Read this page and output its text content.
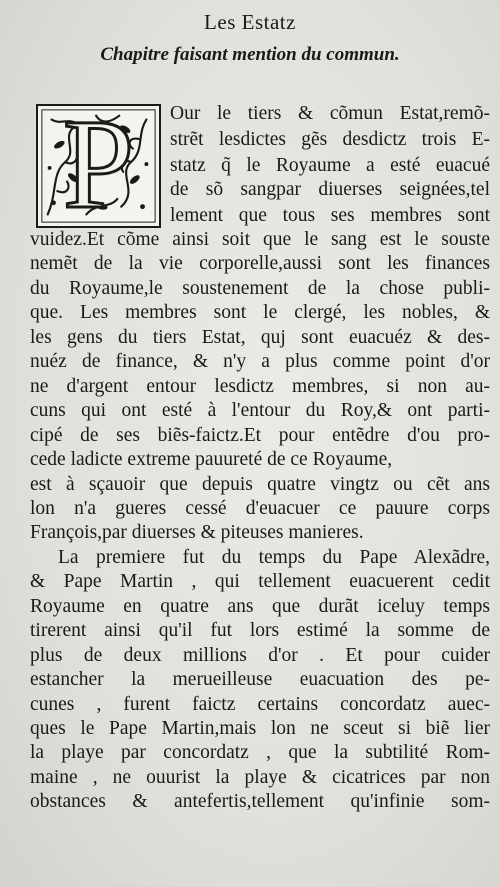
Les Estatz
Chapitre faisant mention du commun.
P	Our le tiers & cõmun Estat,remõ-
strẽt lesdictes gẽs desdictz trois E-
statz q̃ le Royaume a esté euacué
de sõ sangpar diuerses seignées,tel
lement que tous ses membres sont
vuidez.Et cõme ainsi soit que le sang est le souste
nemẽt de la vie corporelle,aussi sont les finances
du Royaume,le soustenement de la chose publi-
que. Les membres sont le clergé, les nobles, &
les gens du tiers Estat, quj sont euacuéz & des-
nuéz de finance, & n'y a plus comme point d'or
ne d'argent entour lesdictz membres, si non au-
cuns qui ont esté à l'entour du Roy,& ont parti-
cipé de ses biẽs-faictz.Et pour entẽdre d'ou pro-
cede ladicte extreme pauureté de ce Royaume,
est à sçauoir que depuis quatre vingtz ou cẽt ans
lon n'a gueres cessé d'euacuer ce pauure corps
François,par diuerses & piteuses manieres.
La premiere fut du temps du Pape Alexãdre,
& Pape Martin , qui tellement euacuerent cedit
Royaume en quatre ans que durãt iceluy temps
tirerent ainsi qu'il fut lors estimé la somme de
plus de deux millions d'or . Et pour cuider
estancher la merueilleuse euacuation des pe-
cunes , furent faictz certains concordatz auec-
ques le Pape Martin,mais lon ne sceut si biẽ lier
la playe par concordatz , que la subtilité Rom-
maine , ne ouurist la playe & cicatrices par non
obstances & antefertis,tellement qu'infinie som-
